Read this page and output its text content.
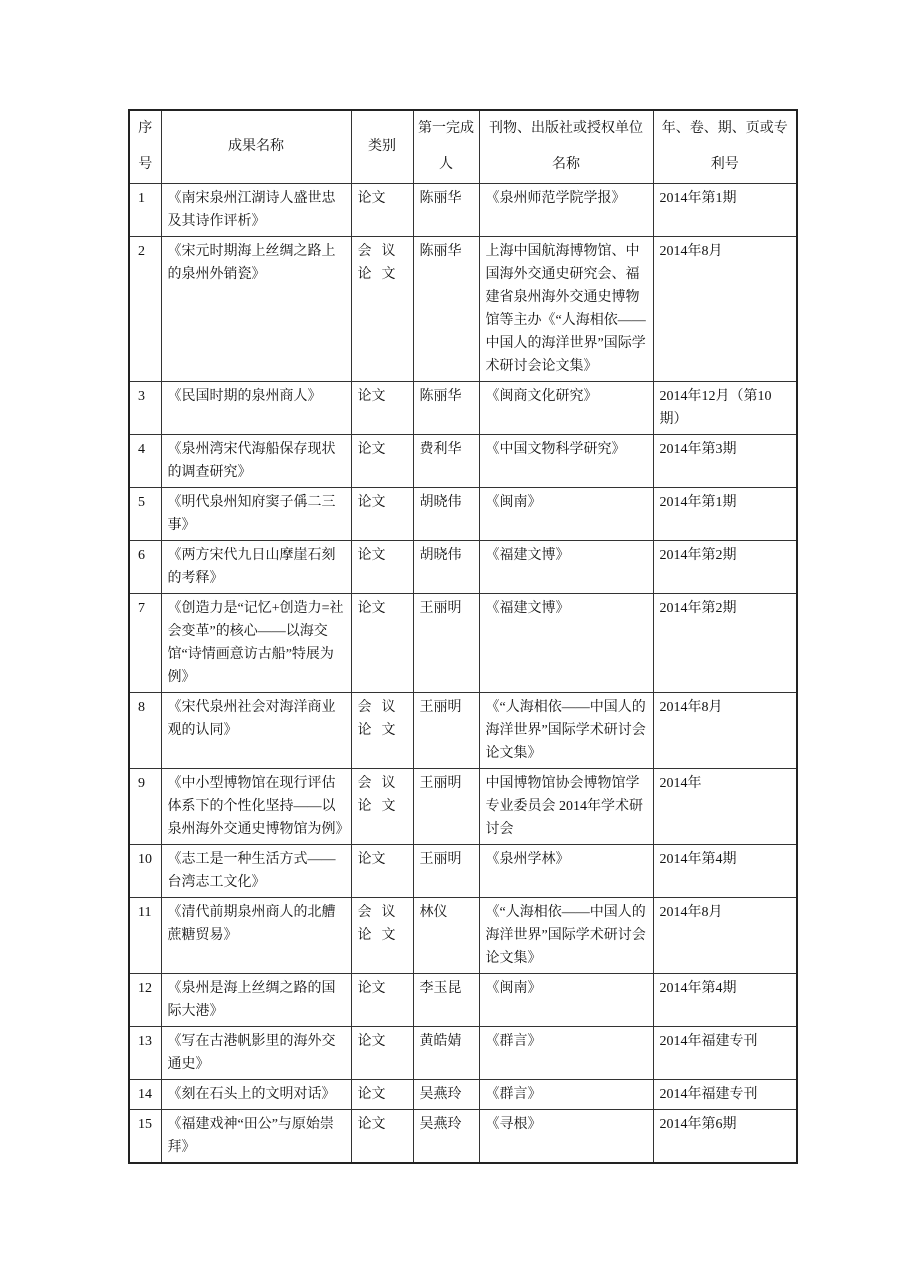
序号	成果名称	类别	第一完成人	刊物、出版社或授权单位名称	年、卷、期、页或专利号
1	《南宋泉州江湖诗人盛世忠及其诗作评析》	论文	陈丽华	《泉州师范学院学报》	2014年第1期
2	《宋元时期海上丝绸之路上的泉州外销瓷》	会议论文	陈丽华	上海中国航海博物馆、中国海外交通史研究会、福建省泉州海外交通史博物馆等主办《“人海相依——中国人的海洋世界”国际学术研讨会论文集》	2014年8月
3	《民国时期的泉州商人》	论文	陈丽华	《闽商文化研究》	2014年12月（第10期）
4	《泉州湾宋代海船保存现状的调查研究》	论文	费利华	《中国文物科学研究》	2014年第3期
5	《明代泉州知府窦子偁二三事》	论文	胡晓伟	《闽南》	2014年第1期
6	《两方宋代九日山摩崖石刻的考释》	论文	胡晓伟	《福建文博》	2014年第2期
7	《创造力是“记忆+创造力=社会变革”的核心——以海交馆“诗情画意访古船”特展为例》	论文	王丽明	《福建文博》	2014年第2期
8	《宋代泉州社会对海洋商业观的认同》	会议论文	王丽明	《“人海相依——中国人的海洋世界”国际学术研讨会论文集》	2014年8月
9	《中小型博物馆在现行评估体系下的个性化坚持——以泉州海外交通史博物馆为例》	会议论文	王丽明	中国博物馆协会博物馆学专业委员会 2014年学术研讨会	2014年
10	《志工是一种生活方式——台湾志工文化》	论文	王丽明	《泉州学林》	2014年第4期
11	《清代前期泉州商人的北艚蔗糖贸易》	会议论文	林仪	《“人海相依——中国人的海洋世界”国际学术研讨会论文集》	2014年8月
12	《泉州是海上丝绸之路的国际大港》	论文	李玉昆	《闽南》	2014年第4期
13	《写在古港帆影里的海外交通史》	论文	黄皓婧	《群言》	2014年福建专刊
14	《刻在石头上的文明对话》	论文	吴燕玲	《群言》	2014年福建专刊
15	《福建戏神“田公”与原始崇拜》	论文	吴燕玲	《寻根》	2014年第6期
